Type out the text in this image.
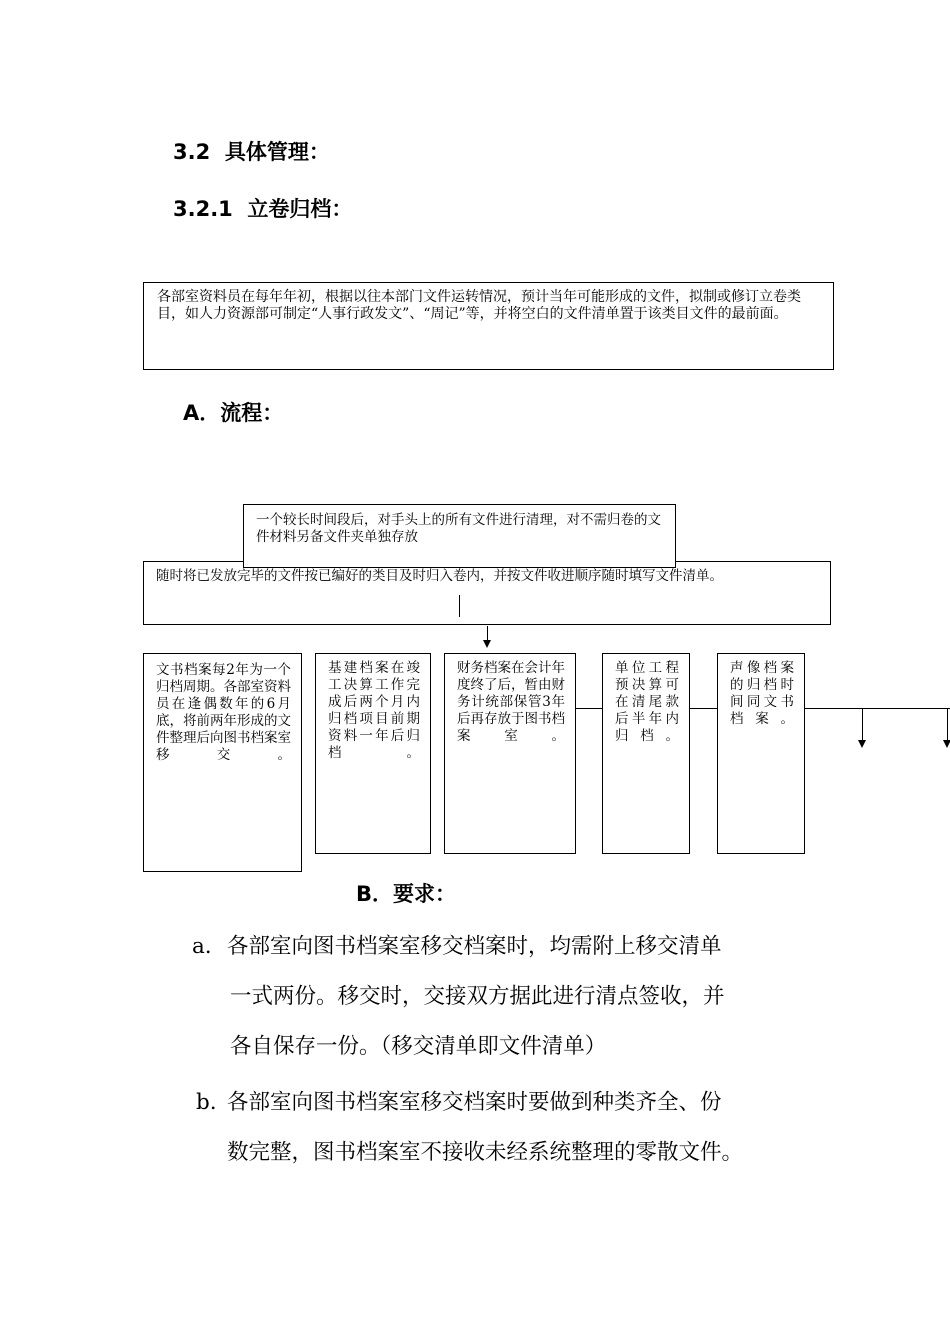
3.2 具体管理：
3.2.1 立卷归档：
各部室资料员在每年年初，根据以往本部门文件运转情况，预计当年可能形成的文件，拟制或修订立卷类目，如人力资源部可制定“人事行政发文”、“周记”等，并将空白的文件清单置于该类目文件的最前面。
A．流程：
随时将已发放完毕的文件按已编好的类目及时归入卷内，并按文件收进顺序随时填写文件清单。
一个较长时间段后，对手头上的所有文件进行清理，对不需归卷的文件材料另备文件夹单独存放
文书档案每2年为一个归档周期。各部室资料员在逢偶数年的6月底，将前两年形成的文件整理后向图书档案室移交。
基建档案在竣工决算工作完成后两个月内归档项目前期资料一年后归档。
财务档案在会计年度终了后，暂由财务计统部保管3年后再存放于图书档案室。
单位工程预决算可在清尾款后半年内归档。
声像档案的归档时间同文书档案。
B．要求：
a． 各部室向图书档案室移交档案时，均需附上移交清单
一式两份。移交时，交接双方据此进行清点签收，并
各自保存一份。（移交清单即文件清单）
b. 各部室向图书档案室移交档案时要做到种类齐全、份
数完整，图书档案室不接收未经系统整理的零散文件。
